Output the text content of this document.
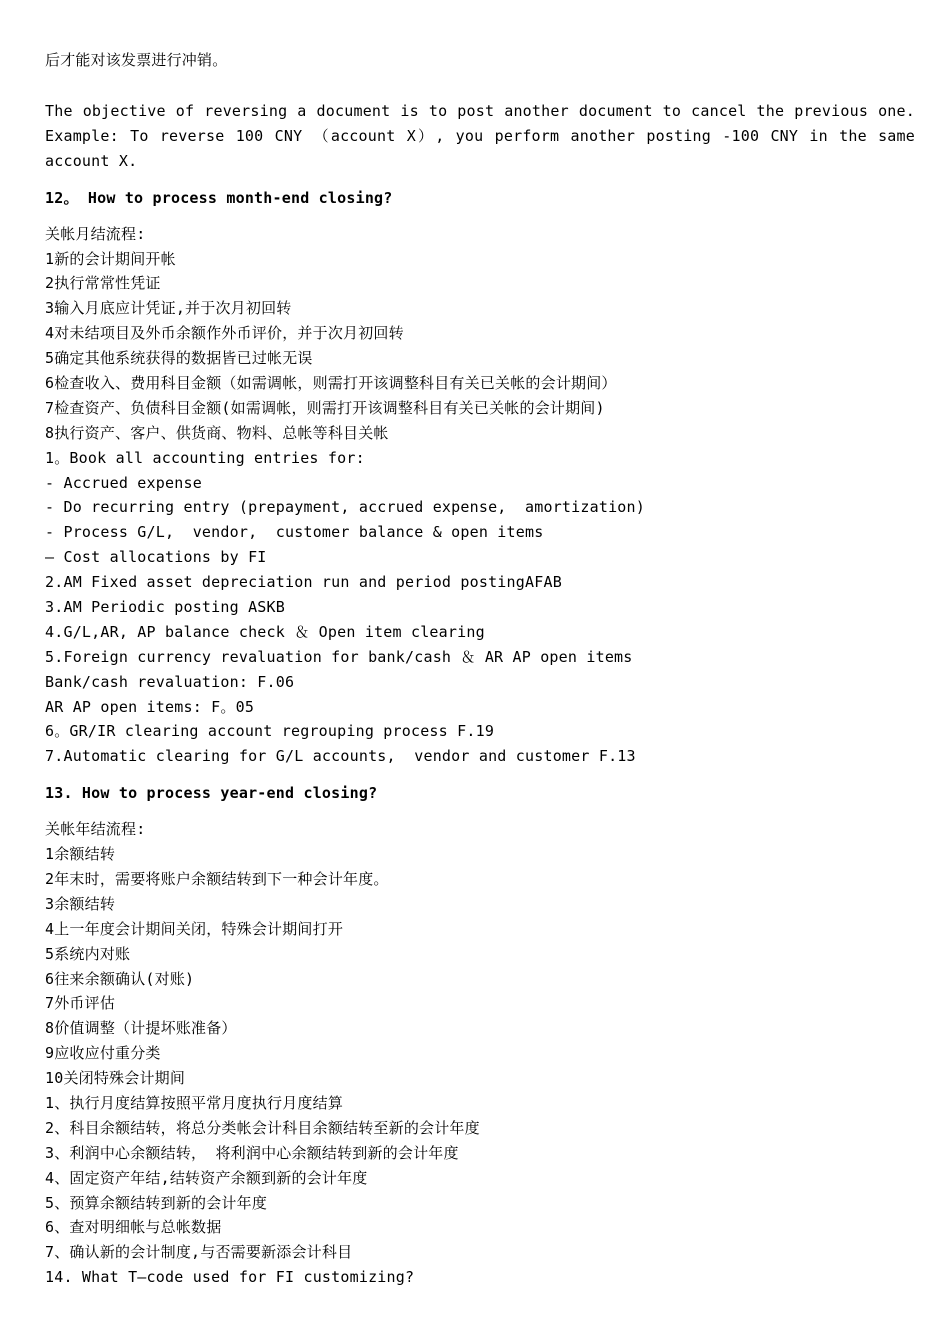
后才能对该发票进行冲销。
The objective of reversing a document is to post another document to cancel the previous one. Example: To reverse 100 CNY （account X）, you perform another posting -100 CNY in the same account X.
12。 How to process month-end closing?
关帐月结流程:
1新的会计期间开帐
2执行常常性凭证
3输入月底应计凭证,并于次月初回转
4对未结项目及外币余额作外币评价，并于次月初回转
5确定其他系统获得的数据皆已过帐无误
6检查收入、费用科目金额（如需调帐，则需打开该调整科目有关已关帐的会计期间）
7检查资产、负债科目金额(如需调帐，则需打开该调整科目有关已关帐的会计期间)
8执行资产、客户、供货商、物料、总帐等科目关帐
1。Book all accounting entries for:
- Accrued expense
- Do recurring entry (prepayment, accrued expense,  amortization)
- Process G/L,  vendor,  customer balance & open items
— Cost allocations by FI
2.AM Fixed asset depreciation run and period postingAFAB
3.AM Periodic posting ASKB
4.G/L,AR, AP balance check ＆ Open item clearing
5.Foreign currency revaluation for bank/cash ＆ AR AP open items
Bank/cash revaluation: F.06
AR AP open items: F。05
6。GR/IR clearing account regrouping process F.19
7.Automatic clearing for G/L accounts,  vendor and customer F.13
13. How to process year-end closing?
关帐年结流程:
1余额结转
2年末时，需要将账户余额结转到下一种会计年度。
3余额结转
4上一年度会计期间关闭，特殊会计期间打开
5系统内对账
6往来余额确认(对账)
7外币评估
8价值调整（计提坏账准备）
9应收应付重分类
10关闭特殊会计期间
1、执行月度结算按照平常月度执行月度结算
2、科目余额结转，将总分类帐会计科目余额结转至新的会计年度
3、利润中心余额结转， 将利润中心余额结转到新的会计年度
4、固定资产年结,结转资产余额到新的会计年度
5、预算余额结转到新的会计年度
6、查对明细帐与总帐数据
7、确认新的会计制度,与否需要新添会计科目
14. What T—code used for FI customizing?
